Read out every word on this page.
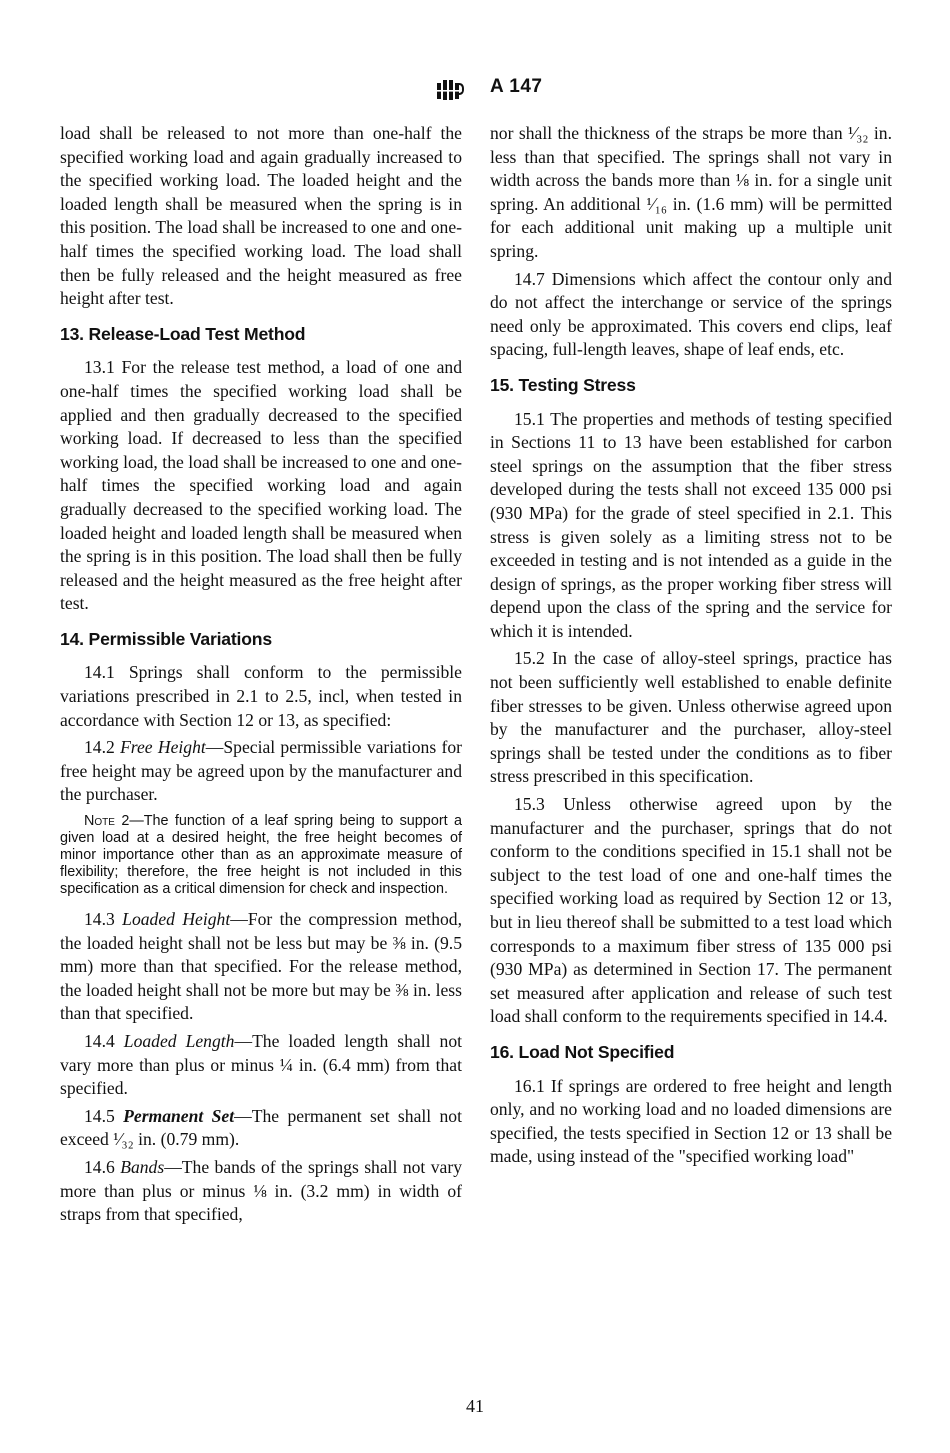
A 147

load shall be released to not more than one-half the specified working load and again gradually increased to the specified working load. The loaded height and the loaded length shall be measured when the spring is in this position. The load shall be increased to one and one-half times the specified working load. The load shall then be fully released and the height measured as free height after test.

13. Release-Load Test Method

13.1 For the release test method, a load of one and one-half times the specified working load shall be applied and then gradually decreased to the specified working load. If decreased to less than the specified working load, the load shall be increased to one and one-half times the specified working load and again gradually decreased to the specified working load. The loaded height and loaded length shall be measured when the spring is in this position. The load shall then be fully released and the height measured as the free height after test.

14. Permissible Variations

14.1 Springs shall conform to the permissible variations prescribed in 2.1 to 2.5, incl, when tested in accordance with Section 12 or 13, as specified:

14.2 Free Height—Special permissible variations for free height may be agreed upon by the manufacturer and the purchaser.

Note 2—The function of a leaf spring being to support a given load at a desired height, the free height becomes of minor importance other than as an approximate measure of flexibility; therefore, the free height is not included in this specification as a critical dimension for check and inspection.

14.3 Loaded Height—For the compression method, the loaded height shall not be less but may be ⅜ in. (9.5 mm) more than that specified. For the release method, the loaded height shall not be more but may be ⅜ in. less than that specified.

14.4 Loaded Length—The loaded length shall not vary more than plus or minus ¼ in. (6.4 mm) from that specified.

14.5 Permanent Set—The permanent set shall not exceed ¹⁄₃₂ in. (0.79 mm).

14.6 Bands—The bands of the springs shall not vary more than plus or minus ⅛ in. (3.2 mm) in width of straps from that specified,

nor shall the thickness of the straps be more than ¹⁄₃₂ in. less than that specified. The springs shall not vary in width across the bands more than ⅛ in. for a single unit spring. An additional ¹⁄₁₆ in. (1.6 mm) will be permitted for each additional unit making up a multiple unit spring.

14.7 Dimensions which affect the contour only and do not affect the interchange or service of the springs need only be approximated. This covers end clips, leaf spacing, full-length leaves, shape of leaf ends, etc.

15. Testing Stress

15.1 The properties and methods of testing specified in Sections 11 to 13 have been established for carbon steel springs on the assumption that the fiber stress developed during the tests shall not exceed 135 000 psi (930 MPa) for the grade of steel specified in 2.1. This stress is given solely as a limiting stress not to be exceeded in testing and is not intended as a guide in the design of springs, as the proper working fiber stress will depend upon the class of the spring and the service for which it is intended.

15.2 In the case of alloy-steel springs, practice has not been sufficiently well established to enable definite fiber stresses to be given. Unless otherwise agreed upon by the manufacturer and the purchaser, alloy-steel springs shall be tested under the conditions as to fiber stress prescribed in this specification.

15.3 Unless otherwise agreed upon by the manufacturer and the purchaser, springs that do not conform to the conditions specified in 15.1 shall not be subject to the test load of one and one-half times the specified working load as required by Section 12 or 13, but in lieu thereof shall be submitted to a test load which corresponds to a maximum fiber stress of 135 000 psi (930 MPa) as determined in Section 17. The permanent set measured after application and release of such test load shall conform to the requirements specified in 14.4.

16. Load Not Specified

16.1 If springs are ordered to free height and length only, and no working load and no loaded dimensions are specified, the tests specified in Section 12 or 13 shall be made, using instead of the "specified working load"

41
